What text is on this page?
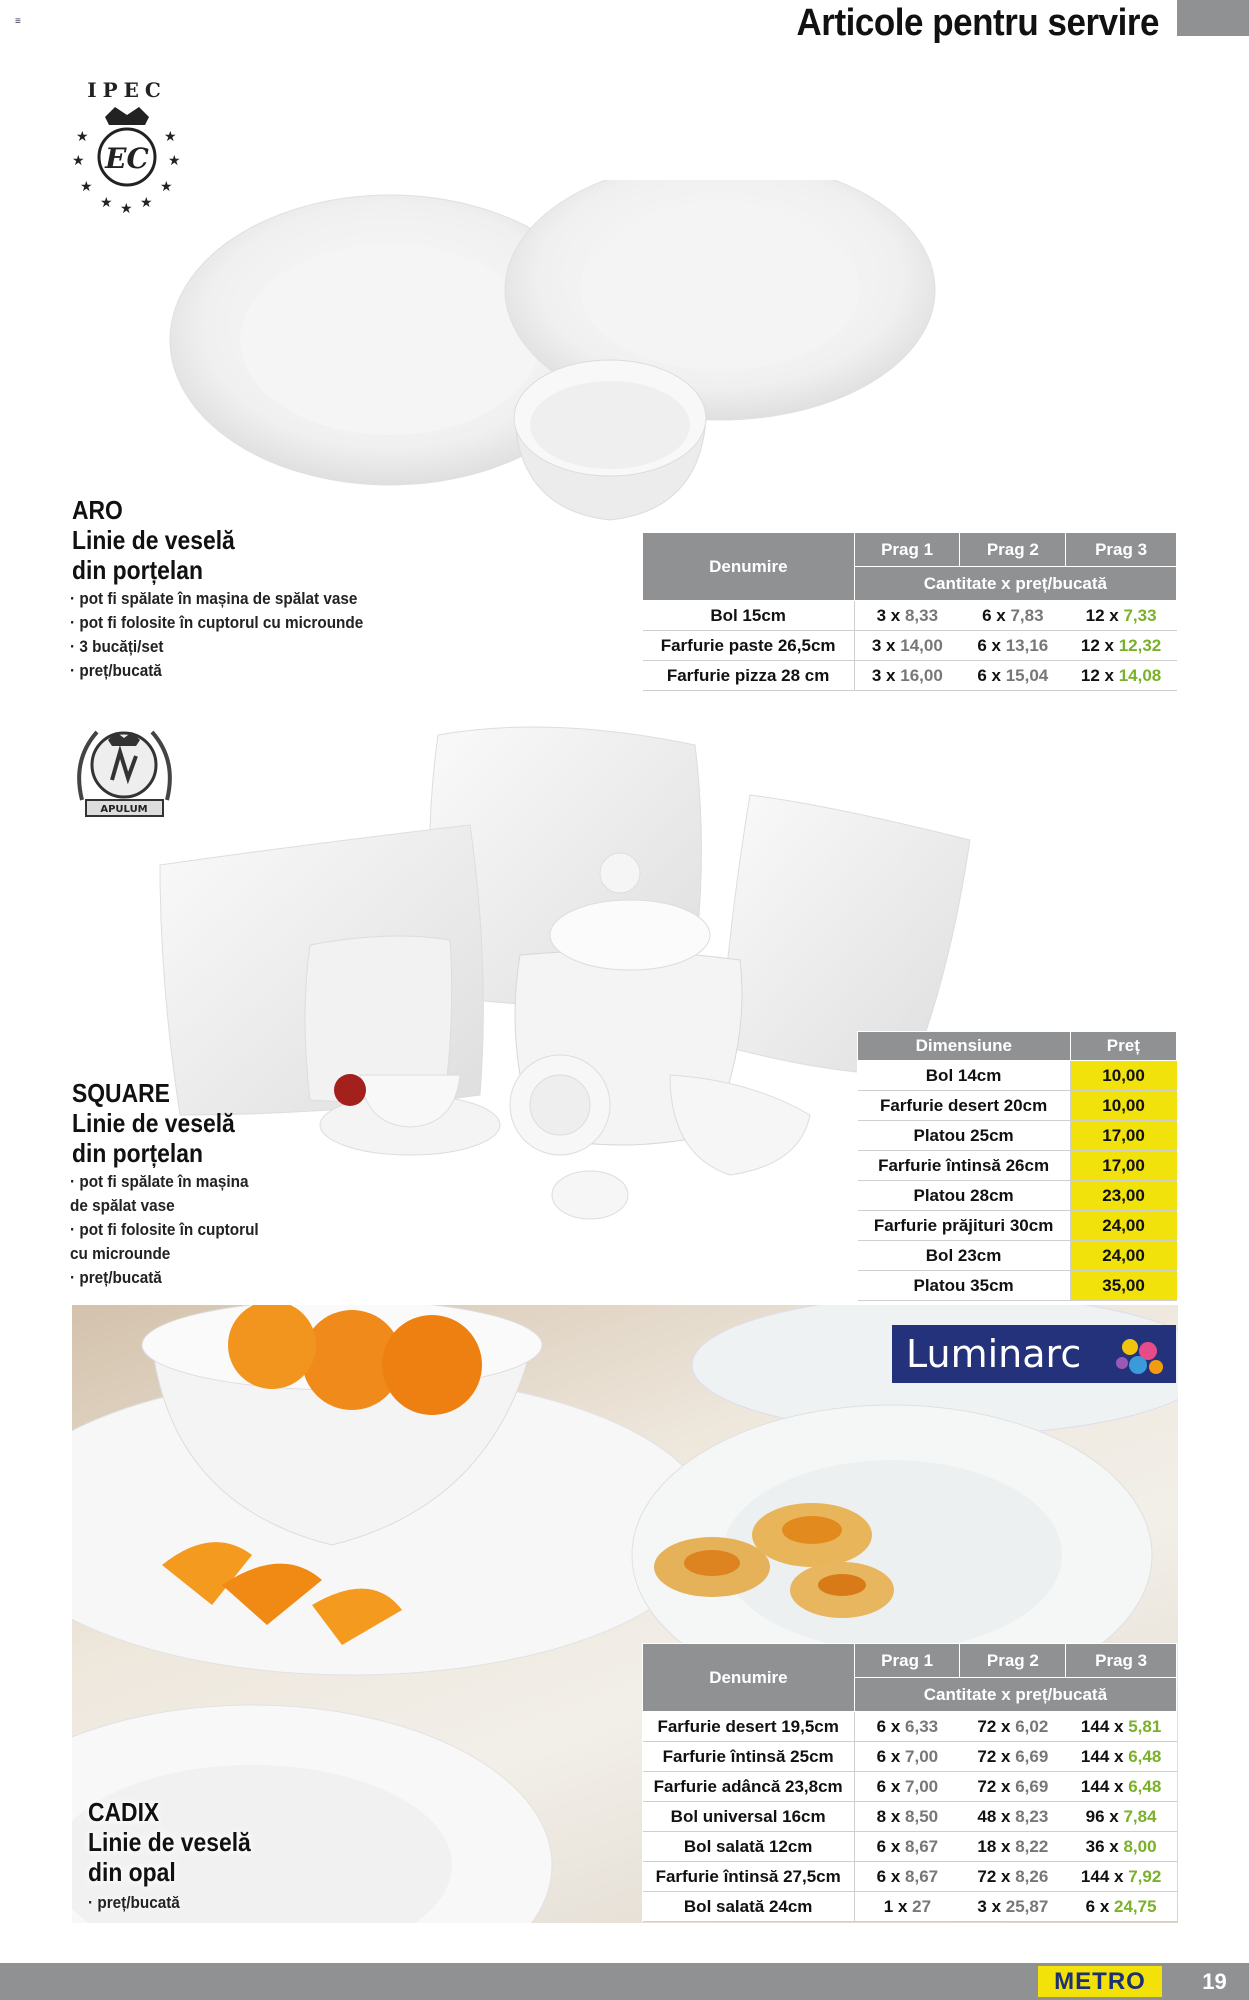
≡	Articole pentru servire
IPEC
EC
★	★
★	★
★	★
★ ★
★
ARO
Linie de veselă
din porțelan
· pot fi spălate în mașina de spălat vase
· pot fi folosite în cuptorul cu microunde
· 3 bucăți/set
· preț/bucată
Denumire	Prag 1	Prag 2	Prag 3
	Cantitate x preț/bucată		
Bol 15cm	3 x 8,33	6 x 7,83	12 x 7,33
Farfurie paste 26,5cm	3 x 14,00	6 x 13,16	12 x 12,32
Farfurie pizza 28 cm	3 x 16,00	6 x 15,04	12 x 14,08
APULUM
SQUARE
Linie de veselă
din porțelan
· pot fi spălate în mașina
de spălat vase
· pot fi folosite în cuptorul
cu microunde
· preț/bucată
Dimensiune	Preț
Bol 14cm	10,00
Farfurie desert 20cm	10,00
Platou 25cm	17,00
Farfurie întinsă 26cm	17,00
Platou 28cm	23,00
Farfurie prăjituri 30cm	24,00
Bol 23cm	24,00
Platou 35cm	35,00
Luminarc
CADIX
Linie de veselă
din opal
· preț/bucată
Denumire	Prag 1	Prag 2	Prag 3
	Cantitate x preț/bucată		
Farfurie desert 19,5cm	6 x 6,33	72 x 6,02	144 x 5,81
Farfurie întinsă 25cm	6 x 7,00	72 x 6,69	144 x 6,48
Farfurie adâncă 23,8cm	6 x 7,00	72 x 6,69	144 x 6,48
Bol universal 16cm	8 x 8,50	48 x 8,23	96 x 7,84
Bol salată 12cm	6 x 8,67	18 x 8,22	36 x 8,00
Farfurie întinsă 27,5cm	6 x 8,67	72 x 8,26	144 x 7,92
Bol salată 24cm	1 x 27	3 x 25,87	6 x 24,75
METRO	19
